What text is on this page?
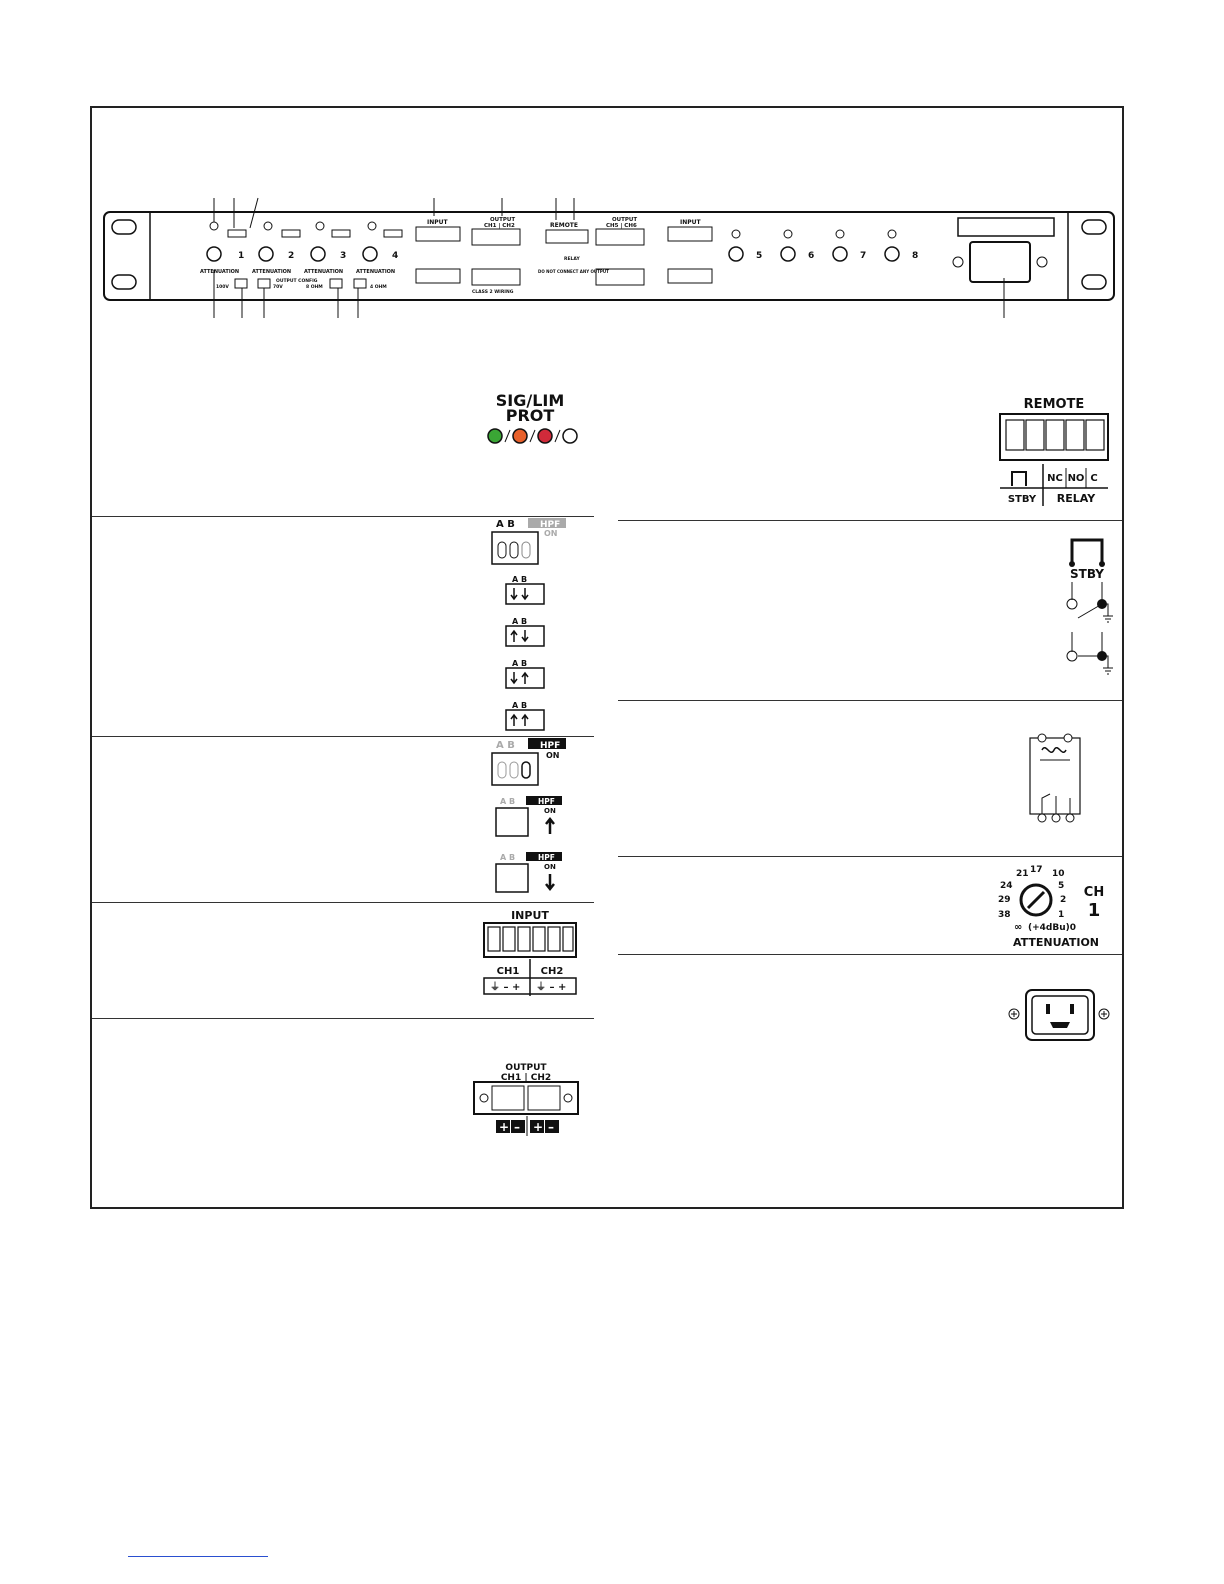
1
ATTENUATION
2
ATTENUATION
3
ATTENUATION
4
ATTENUATION
OUTPUT CONFIG
100V	70V	8 OHM	4 OHM
INPUT	OUTPUT
CH1 | CH2
CLASS 2 WIRING
REMOTE
RELAY
DO NOT CONNECT ANY OUTPUT
OUTPUT
CH5 | CH6	INPUT
5	6	7	8
SIG/LIM
PROT
A B	HPF
ON
A B
A B
A B
A B
A B	HPF
ON
A B	HPF
ON
A B	HPF
ON
INPUT
CH1 CH2
⏚ – + ⏚ – +
OUTPUT
CH1 | CH2
+ – + –
REMOTE
STBY
NC NO C
RELAY
STBY
21 17 10
24	5
29	2
38	1
∞ (+4dBu)0
CH
1
ATTENUATION
